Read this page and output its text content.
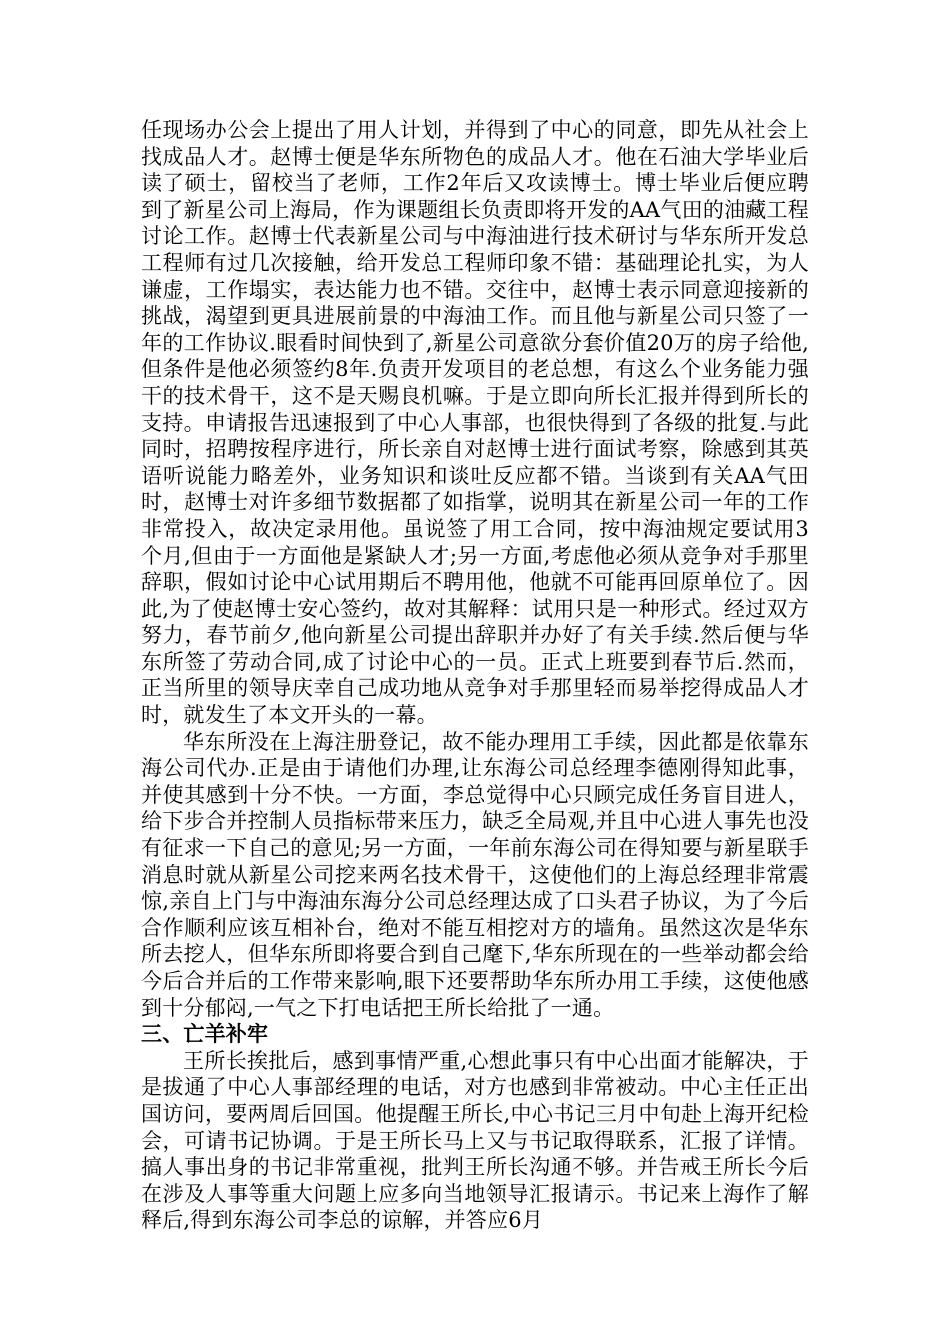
任现场办公会上提出了用人计划，并得到了中心的同意，即先从社会上找成品人才。赵博士便是华东所物色的成品人才。他在石油大学毕业后读了硕士，留校当了老师，工作2年后又攻读博士。博士毕业后便应聘到了新星公司上海局，作为课题组长负责即将开发的AA气田的油藏工程讨论工作。赵博士代表新星公司与中海油进行技术研讨与华东所开发总工程师有过几次接触，给开发总工程师印象不错：基础理论扎实，为人谦虚，工作塌实，表达能力也不错。交往中，赵博士表示同意迎接新的挑战，渴望到更具进展前景的中海油工作。而且他与新星公司只签了一年的工作协议.眼看时间快到了,新星公司意欲分套价值20万的房子给他,但条件是他必须签约8年.负责开发项目的老总想，有这么个业务能力强干的技术骨干，这不是天赐良机嘛。于是立即向所长汇报并得到所长的支持。申请报告迅速报到了中心人事部，也很快得到了各级的批复.与此同时，招聘按程序进行，所长亲自对赵博士进行面试考察，除感到其英语听说能力略差外，业务知识和谈吐反应都不错。当谈到有关AA气田时，赵博士对许多细节数据都了如指掌，说明其在新星公司一年的工作非常投入，故决定录用他。虽说签了用工合同，按中海油规定要试用3个月,但由于一方面他是紧缺人才;另一方面,考虑他必须从竞争对手那里辞职，假如讨论中心试用期后不聘用他，他就不可能再回原单位了。因此,为了使赵博士安心签约，故对其解释：试用只是一种形式。经过双方努力，春节前夕,他向新星公司提出辞职并办好了有关手续.然后便与华东所签了劳动合同,成了讨论中心的一员。正式上班要到春节后.然而，正当所里的领导庆幸自己成功地从竞争对手那里轻而易举挖得成品人才时，就发生了本文开头的一幕。

华东所没在上海注册登记，故不能办理用工手续，因此都是依靠东海公司代办.正是由于请他们办理,让东海公司总经理李德刚得知此事，并使其感到十分不快。一方面，李总觉得中心只顾完成任务盲目进人，给下步合并控制人员指标带来压力，缺乏全局观,并且中心进人事先也没有征求一下自己的意见;另一方面，一年前东海公司在得知要与新星联手消息时就从新星公司挖来两名技术骨干，这使他们的上海总经理非常震惊,亲自上门与中海油东海分公司总经理达成了口头君子协议，为了今后合作顺利应该互相补台，绝对不能互相挖对方的墙角。虽然这次是华东所去挖人，但华东所即将要合到自己麾下,华东所现在的一些举动都会给今后合并后的工作带来影响,眼下还要帮助华东所办用工手续，这使他感到十分郁闷,一气之下打电话把王所长给批了一通。

三、亡羊补牢

王所长挨批后，感到事情严重,心想此事只有中心出面才能解决，于是拔通了中心人事部经理的电话，对方也感到非常被动。中心主任正出国访问，要两周后回国。他提醒王所长,中心书记三月中旬赴上海开纪检会，可请书记协调。于是王所长马上又与书记取得联系，汇报了详情。搞人事出身的书记非常重视，批判王所长沟通不够。并告戒王所长今后在涉及人事等重大问题上应多向当地领导汇报请示。书记来上海作了解释后,得到东海公司李总的谅解，并答应6月
